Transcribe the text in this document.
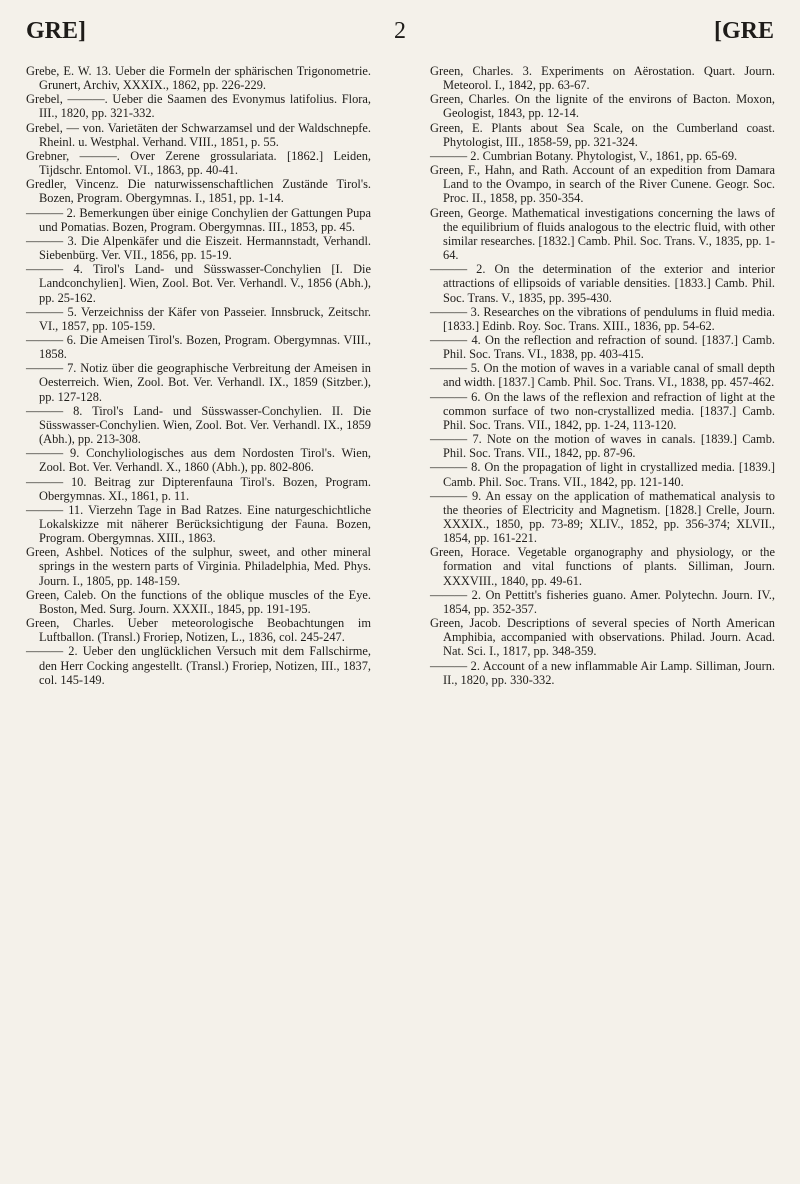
GRE]	2	[GRE

Grebe, E. W. 13. Ueber die Formeln der sphärischen Trigonometrie. Grunert, Archiv, XXXIX., 1862, pp. 226-229.

Grebel, ———. Ueber die Saamen des Evonymus latifolius. Flora, III., 1820, pp. 321-332.

Grebel, — von. Varietäten der Schwarzamsel und der Waldschnepfe. Rheinl. u. Westphal. Verhand. VIII., 1851, p. 55.

Grebner, ———. Over Zerene grossulariata. [1862.] Leiden, Tijdschr. Entomol. VI., 1863, pp. 40-41.

Gredler, Vincenz. Die naturwissenschaftlichen Zustände Tirol's. Bozen, Program. Obergymnas. I., 1851, pp. 1-14.

——— 2. Bemerkungen über einige Conchylien der Gattungen Pupa und Pomatias. Bozen, Program. Obergymnas. III., 1853, pp. 45.

——— 3. Die Alpenkäfer und die Eiszeit. Hermannstadt, Verhandl. Siebenbürg. Ver. VII., 1856, pp. 15-19.

——— 4. Tirol's Land- und Süsswasser-Conchylien [I. Die Landconchylien]. Wien, Zool. Bot. Ver. Verhandl. V., 1856 (Abh.), pp. 25-162.

——— 5. Verzeichniss der Käfer von Passeier. Innsbruck, Zeitschr. VI., 1857, pp. 105-159.

——— 6. Die Ameisen Tirol's. Bozen, Program. Obergymnas. VIII., 1858.

——— 7. Notiz über die geographische Verbreitung der Ameisen in Oesterreich. Wien, Zool. Bot. Ver. Verhandl. IX., 1859 (Sitzber.), pp. 127-128.

——— 8. Tirol's Land- und Süsswasser-Conchylien. II. Die Süsswasser-Conchylien. Wien, Zool. Bot. Ver. Verhandl. IX., 1859 (Abh.), pp. 213-308.

——— 9. Conchyliologisches aus dem Nordosten Tirol's. Wien, Zool. Bot. Ver. Verhandl. X., 1860 (Abh.), pp. 802-806.

——— 10. Beitrag zur Dipterenfauna Tirol's. Bozen, Program. Obergymnas. XI., 1861, p. 11.

——— 11. Vierzehn Tage in Bad Ratzes. Eine naturgeschichtliche Lokalskizze mit näherer Berücksichtigung der Fauna. Bozen, Program. Obergymnas. XIII., 1863.

Green, Ashbel. Notices of the sulphur, sweet, and other mineral springs in the western parts of Virginia. Philadelphia, Med. Phys. Journ. I., 1805, pp. 148-159.

Green, Caleb. On the functions of the oblique muscles of the Eye. Boston, Med. Surg. Journ. XXXII., 1845, pp. 191-195.

Green, Charles. Ueber meteorologische Beobachtungen im Luftballon. (Transl.) Froriep, Notizen, L., 1836, col. 245-247.

——— 2. Ueber den unglücklichen Versuch mit dem Fallschirme, den Herr Cocking angestellt. (Transl.) Froriep, Notizen, III., 1837, col. 145-149.

Green, Charles. 3. Experiments on Aërostation. Quart. Journ. Meteorol. I., 1842, pp. 63-67.

Green, Charles. On the lignite of the environs of Bacton. Moxon, Geologist, 1843, pp. 12-14.

Green, E. Plants about Sea Scale, on the Cumberland coast. Phytologist, III., 1858-59, pp. 321-324.

——— 2. Cumbrian Botany. Phytologist, V., 1861, pp. 65-69.

Green, F., Hahn, and Rath. Account of an expedition from Damara Land to the Ovampo, in search of the River Cunene. Geogr. Soc. Proc. II., 1858, pp. 350-354.

Green, George. Mathematical investigations concerning the laws of the equilibrium of fluids analogous to the electric fluid, with other similar researches. [1832.] Camb. Phil. Soc. Trans. V., 1835, pp. 1-64.

——— 2. On the determination of the exterior and interior attractions of ellipsoids of variable densities. [1833.] Camb. Phil. Soc. Trans. V., 1835, pp. 395-430.

——— 3. Researches on the vibrations of pendulums in fluid media. [1833.] Edinb. Roy. Soc. Trans. XIII., 1836, pp. 54-62.

——— 4. On the reflection and refraction of sound. [1837.] Camb. Phil. Soc. Trans. VI., 1838, pp. 403-415.

——— 5. On the motion of waves in a variable canal of small depth and width. [1837.] Camb. Phil. Soc. Trans. VI., 1838, pp. 457-462.

——— 6. On the laws of the reflexion and refraction of light at the common surface of two non-crystallized media. [1837.] Camb. Phil. Soc. Trans. VII., 1842, pp. 1-24, 113-120.

——— 7. Note on the motion of waves in canals. [1839.] Camb. Phil. Soc. Trans. VII., 1842, pp. 87-96.

——— 8. On the propagation of light in crystallized media. [1839.] Camb. Phil. Soc. Trans. VII., 1842, pp. 121-140.

——— 9. An essay on the application of mathematical analysis to the theories of Electricity and Magnetism. [1828.] Crelle, Journ. XXXIX., 1850, pp. 73-89; XLIV., 1852, pp. 356-374; XLVII., 1854, pp. 161-221.

Green, Horace. Vegetable organography and physiology, or the formation and vital functions of plants. Silliman, Journ. XXXVIII., 1840, pp. 49-61.

——— 2. On Pettitt's fisheries guano. Amer. Polytechn. Journ. IV., 1854, pp. 352-357.

Green, Jacob. Descriptions of several species of North American Amphibia, accompanied with observations. Philad. Journ. Acad. Nat. Sci. I., 1817, pp. 348-359.

——— 2. Account of a new inflammable Air Lamp. Silliman, Journ. II., 1820, pp. 330-332.
